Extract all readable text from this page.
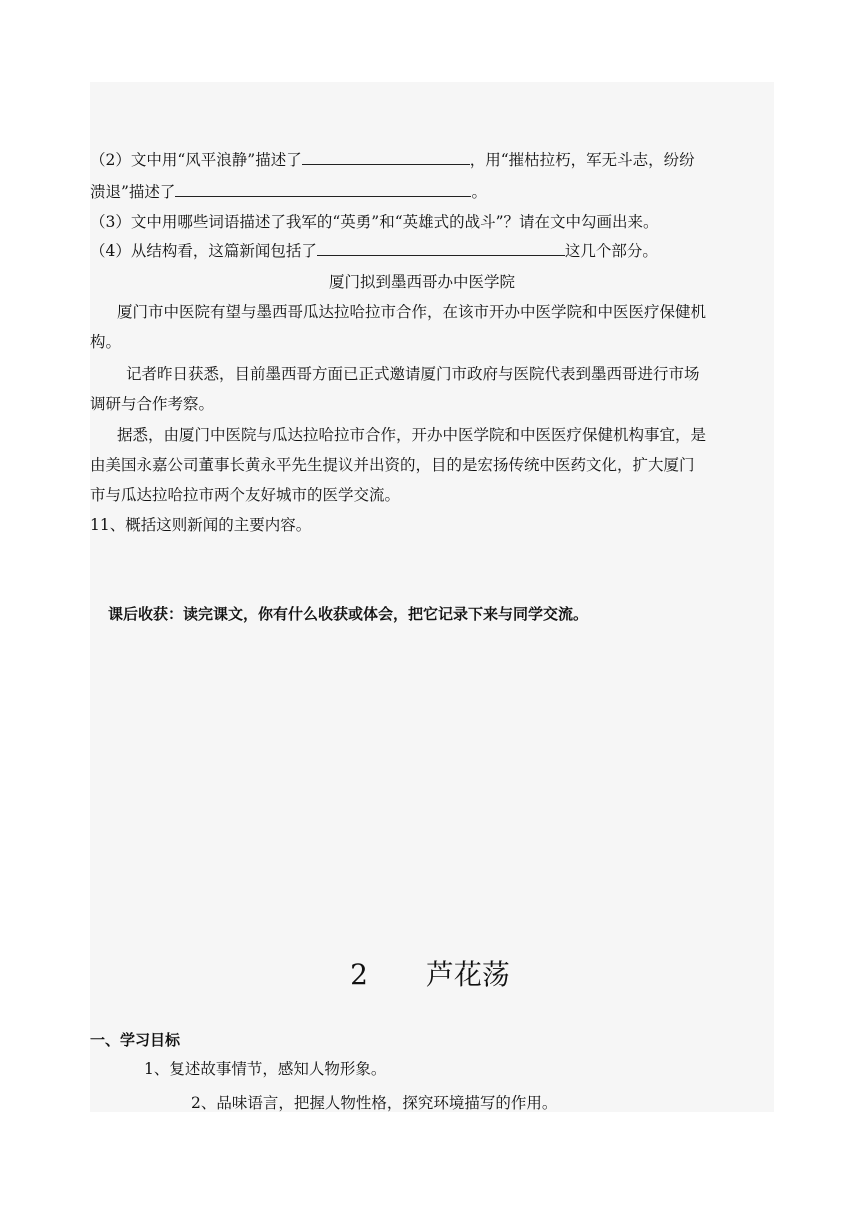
（2）文中用“风平浪静”描述了	，用“摧枯拉朽，军无斗志，纷纷
溃退”描述了	。
（3）文中用哪些词语描述了我军的“英勇”和“英雄式的战斗”？请在文中勾画出来。
（4）从结构看，这篇新闻包括了	这几个部分。
厦门拟到墨西哥办中医学院
厦门市中医院有望与墨西哥瓜达拉哈拉市合作，在该市开办中医学院和中医医疗保健机
构。
记者昨日获悉，目前墨西哥方面已正式邀请厦门市政府与医院代表到墨西哥进行市场
调研与合作考察。
据悉，由厦门中医院与瓜达拉哈拉市合作，开办中医学院和中医医疗保健机构事宜，是
由美国永嘉公司董事长黄永平先生提议并出资的，目的是宏扬传统中医药文化，扩大厦门
市与瓜达拉哈拉市两个友好城市的医学交流。
11、概括这则新闻的主要内容。
课后收获：读完课文，你有什么收获或体会，把它记录下来与同学交流。
2 芦花荡
一、学习目标
1、复述故事情节，感知人物形象。
2、品味语言，把握人物性格，探究环境描写的作用。
